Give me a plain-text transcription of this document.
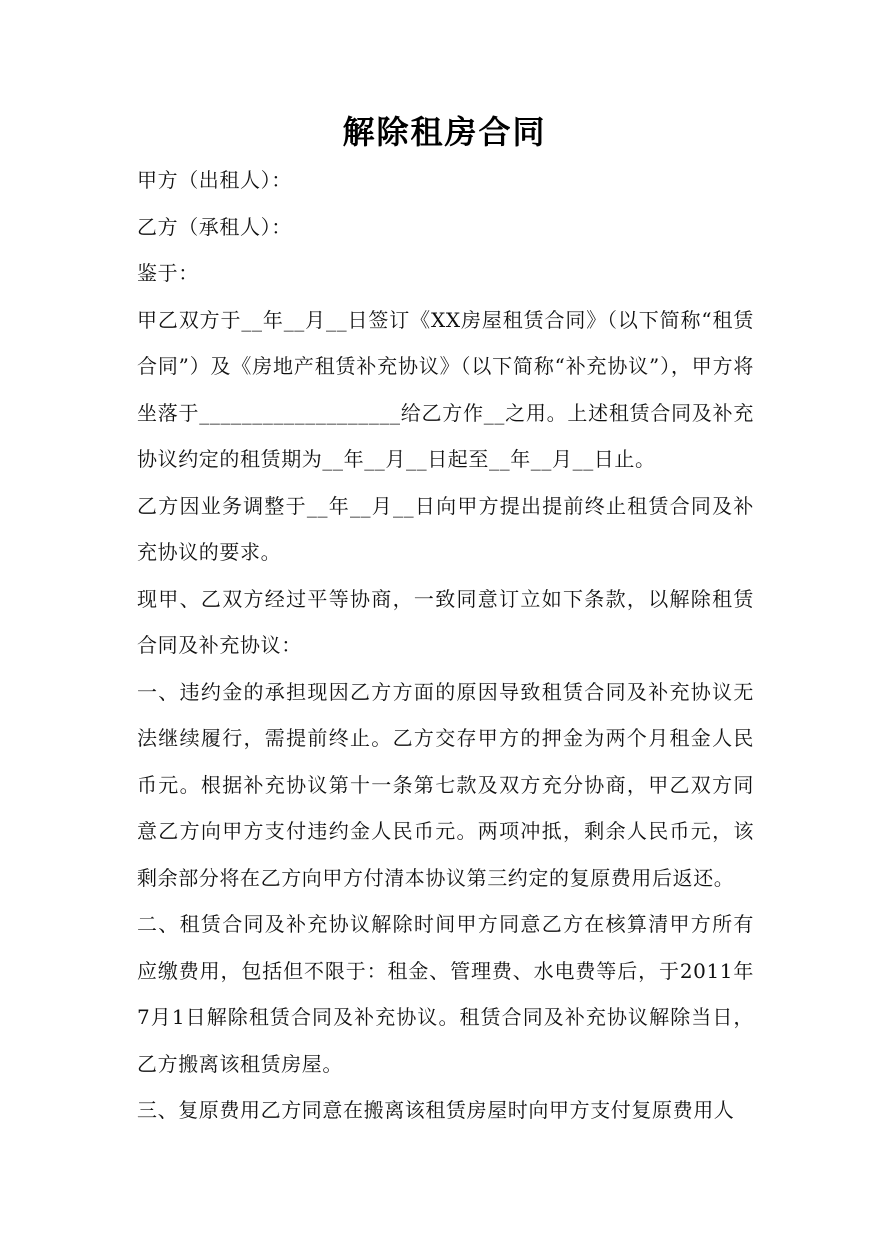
解除租房合同

甲方（出租人）：

乙方（承租人）：

鉴于：

甲乙双方于__年__月__日签订《XX房屋租赁合同》（以下简称“租赁合同”）及《房地产租赁补充协议》（以下简称“补充协议”），甲方将坐落于___________________给乙方作__之用。上述租赁合同及补充协议约定的租赁期为__年__月__日起至__年__月__日止。

乙方因业务调整于__年__月__日向甲方提出提前终止租赁合同及补充协议的要求。

现甲、乙双方经过平等协商，一致同意订立如下条款，以解除租赁合同及补充协议：

一、违约金的承担现因乙方方面的原因导致租赁合同及补充协议无法继续履行，需提前终止。乙方交存甲方的押金为两个月租金人民币元。根据补充协议第十一条第七款及双方充分协商，甲乙双方同意乙方向甲方支付违约金人民币元。两项冲抵，剩余人民币元，该剩余部分将在乙方向甲方付清本协议第三约定的复原费用后返还。

二、租赁合同及补充协议解除时间甲方同意乙方在核算清甲方所有应缴费用，包括但不限于：租金、管理费、水电费等后，于2011年7月1日解除租赁合同及补充协议。租赁合同及补充协议解除当日，乙方搬离该租赁房屋。

三、复原费用乙方同意在搬离该租赁房屋时向甲方支付复原费用人
